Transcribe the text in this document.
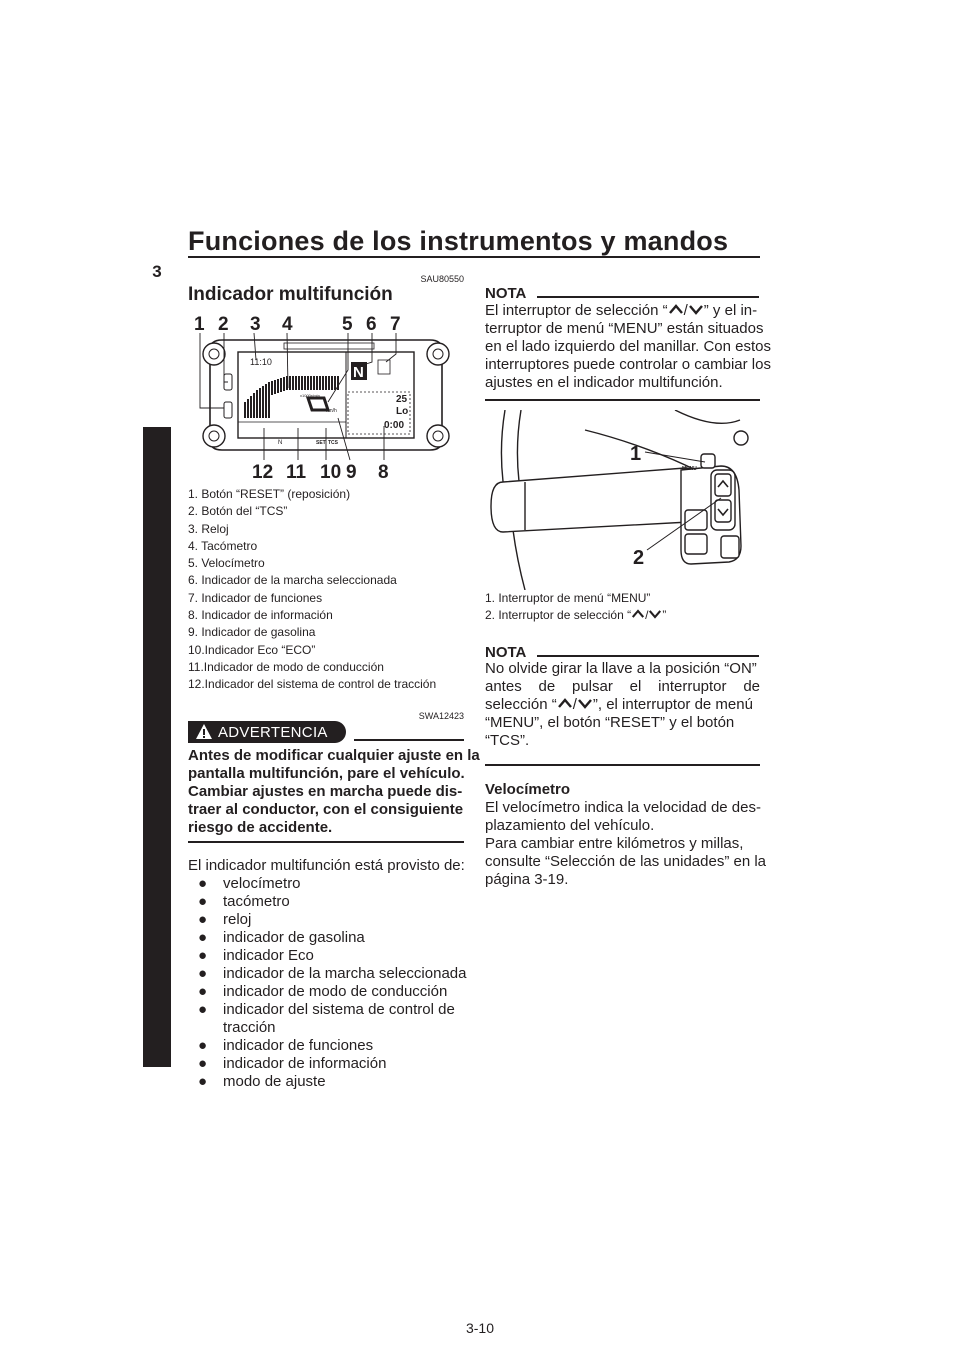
Funciones de los instrumentos y mandos
3	SAU80550
Indicador multifunción
1 2 3 4	5 6 7
12 11 10 9 8
11:10
x1000r/min
km/h
N
25
Lo
0:00
N	SET TCS
1. Botón “RESET” (reposición)
2. Botón del “TCS”
3. Reloj
4. Tacómetro
5. Velocímetro
6. Indicador de la marcha seleccionada
7. Indicador de funciones
8. Indicador de información
9. Indicador de gasolina
10.Indicador Eco “ECO”
11.Indicador de modo de conducción
12.Indicador del sistema de control de tracción
SWA12423
ADVERTENCIA
Antes de modificar cualquier ajuste en la
pantalla multifunción, pare el vehículo.
Cambiar ajustes en marcha puede dis-
traer al conductor, con el consiguiente
riesgo de accidente.
El indicador multifunción está provisto de:
● velocímetro
● tacómetro
● reloj
● indicador de gasolina
● indicador Eco
● indicador de la marcha seleccionada
● indicador de modo de conducción
● indicador del sistema de control de
tracción
● indicador de funciones
● indicador de información
● modo de ajuste
NOTA
El interruptor de selección “ / ” y el in-
terruptor de menú “MENU” están situados
en el lado izquierdo del manillar. Con estos
interruptores puede controlar o cambiar los
ajustes en el indicador multifunción.
MENU
1
2
1. Interruptor de menú “MENU”
2. Interruptor de selección “ / ”
NOTA
No olvide girar la llave a la posición “ON”
antes de pulsar el interruptor de
selección “ / ”, el interruptor de menú
“MENU”, el botón “RESET” y el botón
“TCS”.
Velocímetro
El velocímetro indica la velocidad de des-
plazamiento del vehículo.
Para cambiar entre kilómetros y millas,
consulte “Selección de las unidades” en la
página 3-19.
3-10
